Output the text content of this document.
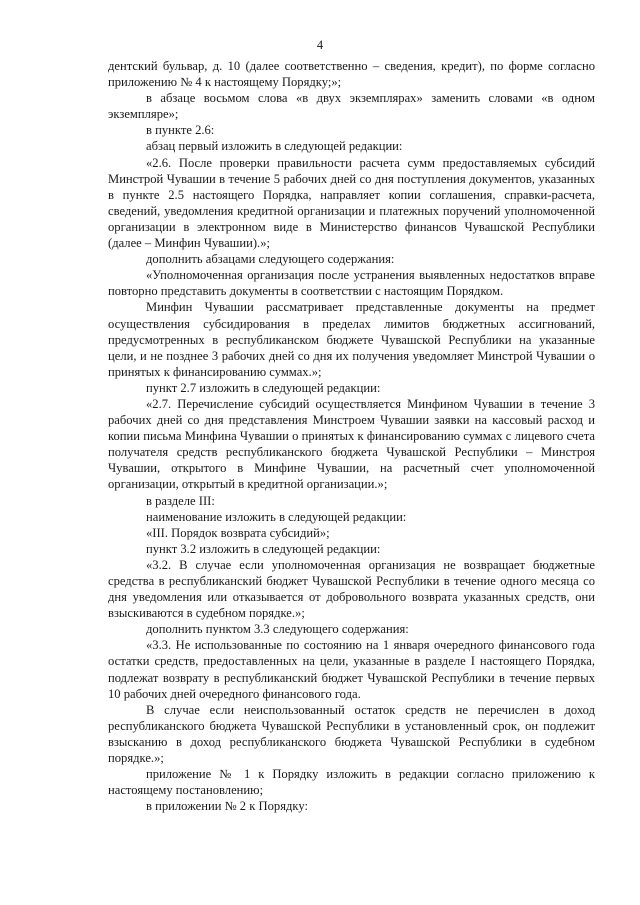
4

дентский бульвар, д. 10 (далее соответственно – сведения, кредит), по форме согласно приложению № 4 к настоящему Порядку;»;

в абзаце восьмом слова «в двух экземплярах» заменить словами «в одном экземпляре»;

в пункте 2.6:

абзац первый изложить в следующей редакции:

«2.6. После проверки правильности расчета сумм предоставляемых субсидий Минстрой Чувашии в течение 5 рабочих дней со дня поступления документов, указанных в пункте 2.5 настоящего Порядка, направляет копии соглашения, справки-расчета, сведений, уведомления кредитной организации и платежных поручений уполномоченной организации в электронном виде в Министерство финансов Чувашской Республики (далее – Минфин Чувашии).»;

дополнить абзацами следующего содержания:

«Уполномоченная организация после устранения выявленных недостатков вправе повторно представить документы в соответствии с настоящим Порядком.

Минфин Чувашии рассматривает представленные документы на предмет осуществления субсидирования в пределах лимитов бюджетных ассигнований, предусмотренных в республиканском бюджете Чувашской Республики на указанные цели, и не позднее 3 рабочих дней со дня их получения уведомляет Минстрой Чувашии о принятых к финансированию суммах.»;

пункт 2.7 изложить в следующей редакции:

«2.7. Перечисление субсидий осуществляется Минфином Чувашии в течение 3 рабочих дней со дня представления Минстроем Чувашии заявки на кассовый расход и копии письма Минфина Чувашии о принятых к финансированию суммах с лицевого счета получателя средств республиканского бюджета Чувашской Республики – Минстроя Чувашии, открытого в Минфине Чувашии, на расчетный счет уполномоченной организации, открытый в кредитной организации.»;

в разделе III:

наименование изложить в следующей редакции:

«III. Порядок возврата субсидий»;

пункт 3.2 изложить в следующей редакции:

«3.2. В случае если уполномоченная организация не возвращает бюджетные средства в республиканский бюджет Чувашской Республики в течение одного месяца со дня уведомления или отказывается от добровольного возврата указанных средств, они взыскиваются в судебном порядке.»;

дополнить пунктом 3.3 следующего содержания:

«3.3. Не использованные по состоянию на 1 января очередного финансового года остатки средств, предоставленных на цели, указанные в разделе I настоящего Порядка, подлежат возврату в республиканский бюджет Чувашской Республики в течение первых 10 рабочих дней очередного финансового года.

В случае если неиспользованный остаток средств не перечислен в доход республиканского бюджета Чувашской Республики в установленный срок, он подлежит взысканию в доход республиканского бюджета Чувашской Республики в судебном порядке.»;

приложение № 1 к Порядку изложить в редакции согласно приложению к настоящему постановлению;

в приложении № 2 к Порядку:
